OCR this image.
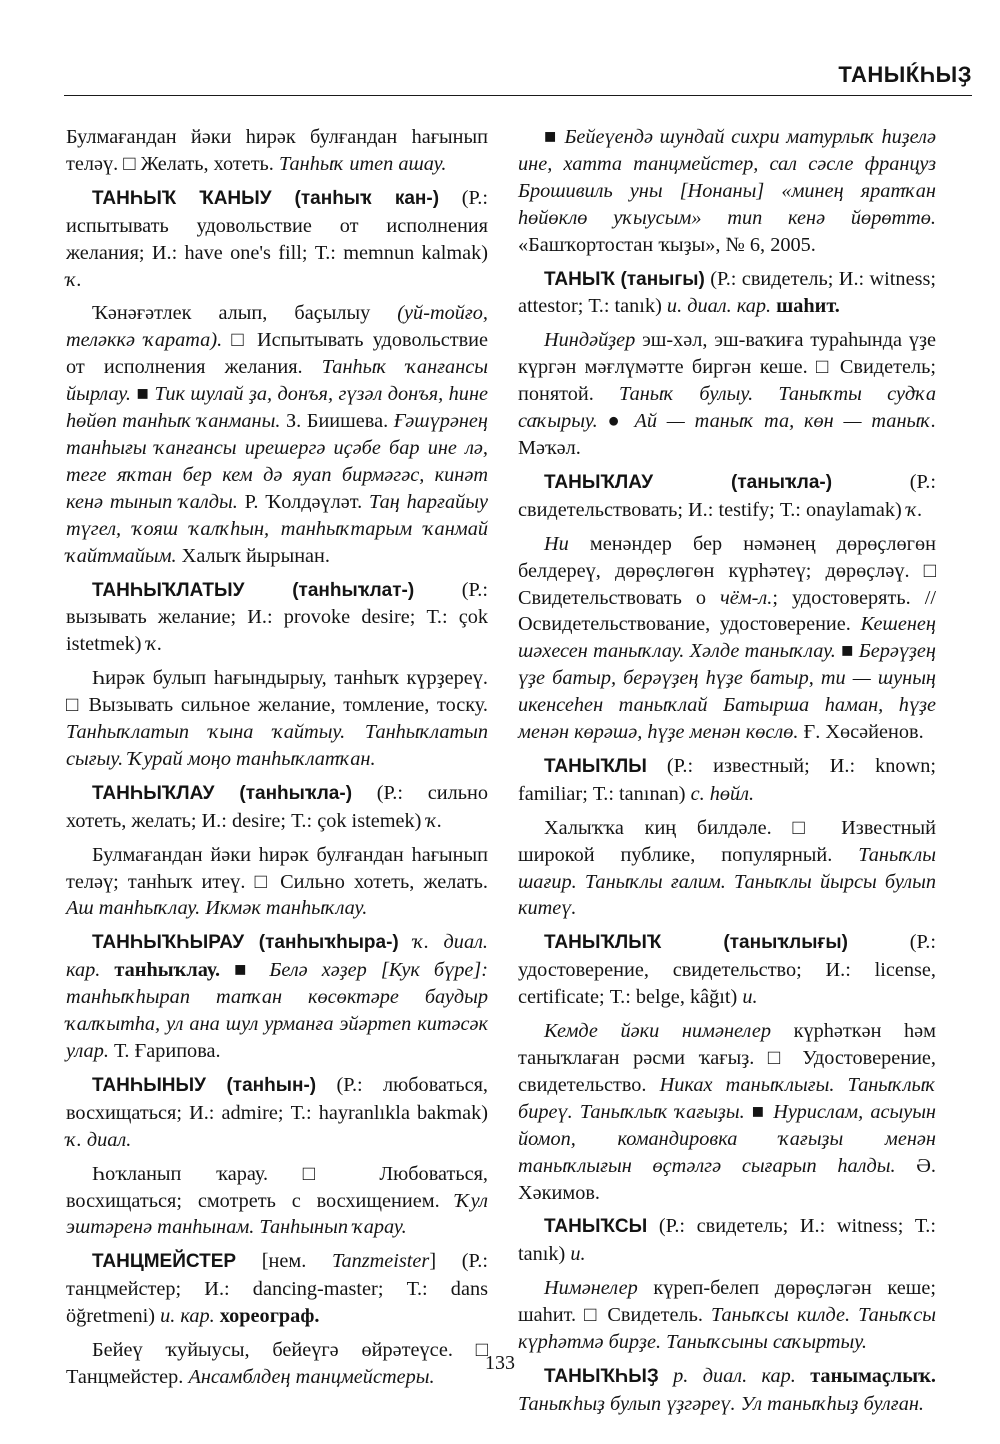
ТАНЫЌҺЫҘ

Булмағандан йәки һирәк булғандан һағынып теләү. □ Желать, хотеть. Танһыҡ итеп ашау.

ТАНҺЫҠ ҠАНЫУ (танһыҡ кан-) (Р.: испытывать удовольствие от исполнения желания; И.: have one's fill; Т.: memnun kalmak) ҡ.

Ҡәнәғәтлек алып, баҫылыу (уй-тойғо, теләккә ҡарата). □ Испытывать удовольствие от исполнения желания. Танһыҡ ҡанғансы йырлау. ■ Тик шулай ҙа, донъя, гүзәл донъя, һине һөйөп танһыҡ ҡанманы. З. Биишева. Ғәшүрәнең танһығы ҡанғансы ирешергә иҫәбе бар ине лә, теге яҡтан бер кем дә яуап бирмәгәс, кинәт кенә тынып ҡалды. Р. Ҡолдәүләт. Таң һарғайыу түгел, ҡояш ҡалҡһын, танһыҡтарым ҡанмай ҡайтмайым. Халыҡ йырынан.

ТАНҺЫҠЛАТЫУ (танһыҡлат-) (Р.: вызывать желание; И.: provoke desire; Т.: çok istetmek) ҡ.

Һирәк булып һағындырыу, танһыҡ күрҙереү. □ Вызывать сильное желание, томление, тоску. Танһыҡлатып ҡына ҡайтыу. Танһыҡлатып сығыу. Ҡурай моңо танһыҡлатҡан.

ТАНҺЫҠЛАУ (танһыҡла-) (Р.: сильно хотеть, желать; И.: desire; Т.: çok istemek) ҡ.

Булмағандан йәки һирәк булғандан һағынып теләү; танһыҡ итеү. □ Сильно хотеть, желать. Аш танһыҡлау. Икмәк танһыҡлау.

ТАНҺЫҠҺЫРАУ (танһыҡһыра-) ҡ. диал. кар. танһыҡлау. ■ Белә хәҙер [Кук бүре]: танһыҡһырап тапҡан көсөктәре баудыр ҡалҡытһа, ул ана шул урманға эйәртеп китәсәк улар. Т. Ғарипова.

ТАНҺЫНЫУ (танһын-) (Р.: любоваться, восхищаться; И.: admire; Т.: hayranlıkla bakmak) ҡ. диал.

Һоҡланып ҡарау. □ Любоваться, восхищаться; смотреть с восхищением. Ҡул эштәренә танһынам. Танһынып ҡарау.

ТАНЦМЕЙСТЕР [нем. Tanzmeister] (Р.: танцмейстер; И.: dancing-master; Т.: dans öğretmeni) и. кар. хореограф.

Бейеү ҡуйыусы, бейеүгә өйрәтеүсе. □ Танцмейстер. Ансамблдең танцмейстеры.

■ Бейеүендә шундай сихри матурлыҡ һиҙелә ине, хатта танцмейстер, сал сәсле француз Брошивиль уны [Нонаны] «минең яратҡан һөйөклө уҡыусым» тип кенә йөрөттө. «Башҡортостан ҡыҙы», № 6, 2005.

ТАНЫҠ (таныгы) (Р.: свидетель; И.: witness; attestor; Т.: tanık) и. диал. кар. шаһит.

Ниндәйҙер эш-хәл, эш-ваҡиға тураһында үҙе күргән мәғлүмәтте биргән кеше. □ Свидетель; понятой. Таныҡ булыу. Таныҡты судҡа саҡырыу. ● Ай — таныҡ та, көн — таныҡ. Мәҡәл.

ТАНЫҠЛАУ (таныҡла-) (Р.: свидетельствовать; И.: testify; Т.: onaylamak) ҡ.

Ни менәндер бер нәмәнең дөрөҫлөгөн белдереү, дөрөҫлөгөн күрһәтеү; дөрөҫләү. □ Свидетельствовать о чём-л.; удостоверять. // Освидетельствование, удостоверение. Кешенең шәхесен таныҡлау. Хәлде таныҡлау. ■ Берәүҙең үҙе батыр, берәүҙең һүҙе батыр, ти — шуның икенсеһен таныҡлай Батырша һаман, һүҙе менән көрәшә, һүҙе менән көслө. Ғ. Хөсәйенов.

ТАНЫҠЛЫ (Р.: известный; И.: known; familiar; Т.: tanınan) с. һөйл.

Халыҡҡа киң билдәле. □ Известный широкой публике, популярный. Таныҡлы шағир. Таныҡлы ғалим. Таныҡлы йырсы булып китеү.

ТАНЫҠЛЫҠ (таныҡлығы) (Р.: удостоверение, свидетельство; И.: license, certificate; Т.: belge, kâğıt) и.

Кемде йәки нимәнелер күрһәткән һәм таныҡлаған рәсми ҡағыҙ. □ Удостоверение, свидетельство. Никах таныҡлығы. Таныҡлыҡ биреү. Таныҡлыҡ ҡағыҙы. ■ Нурислам, асыуын йомоп, командировка ҡағыҙы менән таныҡлығын өҫтәлгә сығарып һалды. Ә. Хәкимов.

ТАНЫҠСЫ (Р.: свидетель; И.: witness; Т.: tanık) и.

Нимәнелер күреп-белеп дөрөҫләгән кеше; шаһит. □ Свидетель. Таныҡсы килде. Таныҡсы күрһәтмә бирҙе. Таныҡсыны саҡыртыу.

ТАНЫҠҺЫҘ р. диал. кар. танымаҫлыҡ. Таныҡһыҙ булып үҙгәреү. Ул таныҡһыҙ булған.

133
